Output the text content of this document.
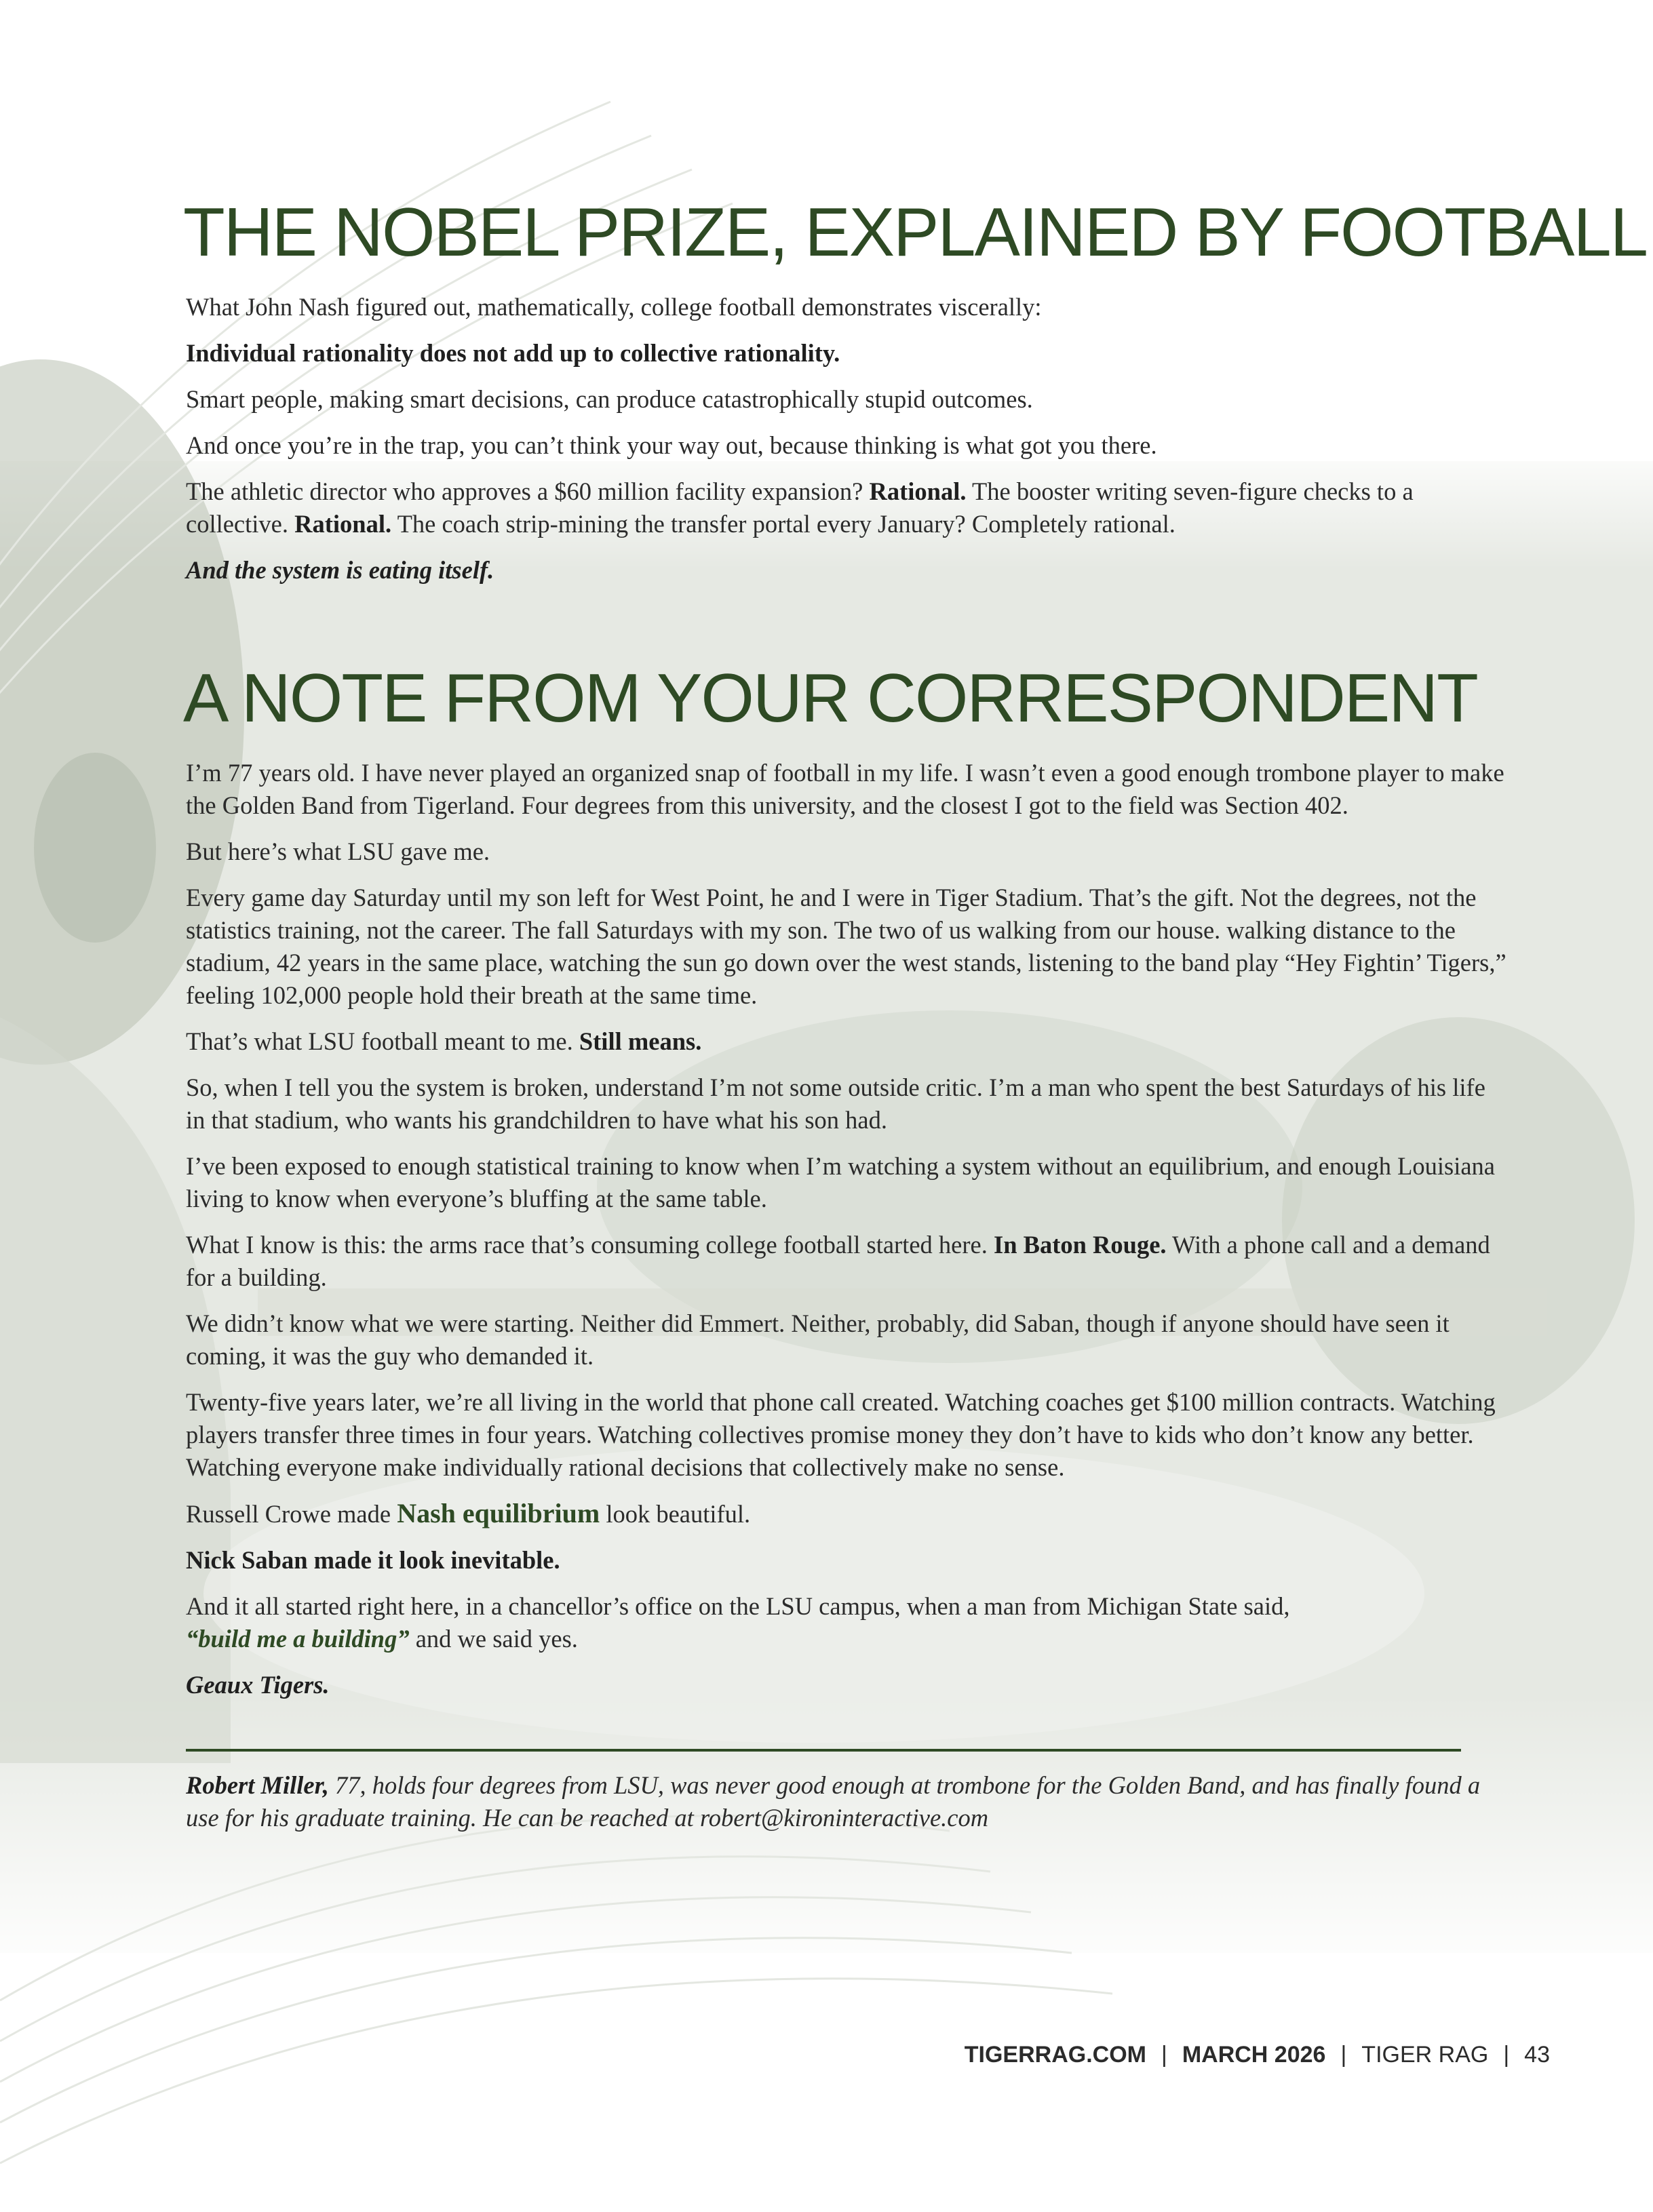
THE NOBEL PRIZE, EXPLAINED BY FOOTBALL

What John Nash figured out, mathematically, college football demonstrates viscerally:

Individual rationality does not add up to collective rationality.

Smart people, making smart decisions, can produce catastrophically stupid outcomes.

And once you’re in the trap, you can’t think your way out, because thinking is what got you there.

The athletic director who approves a $60 million facility expansion? Rational. The booster writing seven-figure checks to a collective. Rational. The coach strip-mining the transfer portal every January? Completely rational.

And the system is eating itself.

A NOTE FROM YOUR CORRESPONDENT

I’m 77 years old. I have never played an organized snap of football in my life. I wasn’t even a good enough trombone player to make the Golden Band from Tigerland. Four degrees from this university, and the closest I got to the field was Section 402.

But here’s what LSU gave me.

Every game day Saturday until my son left for West Point, he and I were in Tiger Stadium. That’s the gift. Not the degrees, not the statistics training, not the career. The fall Saturdays with my son. The two of us walking from our house. walking distance to the stadium, 42 years in the same place, watching the sun go down over the west stands, listening to the band play “Hey Fightin’ Tigers,” feeling 102,000 people hold their breath at the same time.

That’s what LSU football meant to me. Still means.

So, when I tell you the system is broken, understand I’m not some outside critic. I’m a man who spent the best Saturdays of his life in that stadium, who wants his grandchildren to have what his son had.

I’ve been exposed to enough statistical training to know when I’m watching a system without an equilibrium, and enough Louisiana living to know when everyone’s bluffing at the same table.

What I know is this: the arms race that’s consuming college football started here. In Baton Rouge. With a phone call and a demand for a building.

We didn’t know what we were starting. Neither did Emmert. Neither, probably, did Saban, though if anyone should have seen it coming, it was the guy who demanded it.

Twenty-five years later, we’re all living in the world that phone call created. Watching coaches get $100 million contracts. Watching players transfer three times in four years. Watching collectives promise money they don’t have to kids who don’t know any better. Watching everyone make individually rational decisions that collectively make no sense.

Russell Crowe made Nash equilibrium look beautiful.

Nick Saban made it look inevitable.

And it all started right here, in a chancellor’s office on the LSU campus, when a man from Michigan State said,
“build me a building” and we said yes.

Geaux Tigers.

Robert Miller, 77, holds four degrees from LSU, was never good enough at trombone for the Golden Band, and has finally found a use for his graduate training. He can be reached at robert@kironinteractive.com

TIGERRAG.COM | MARCH 2026 | TIGER RAG | 43
